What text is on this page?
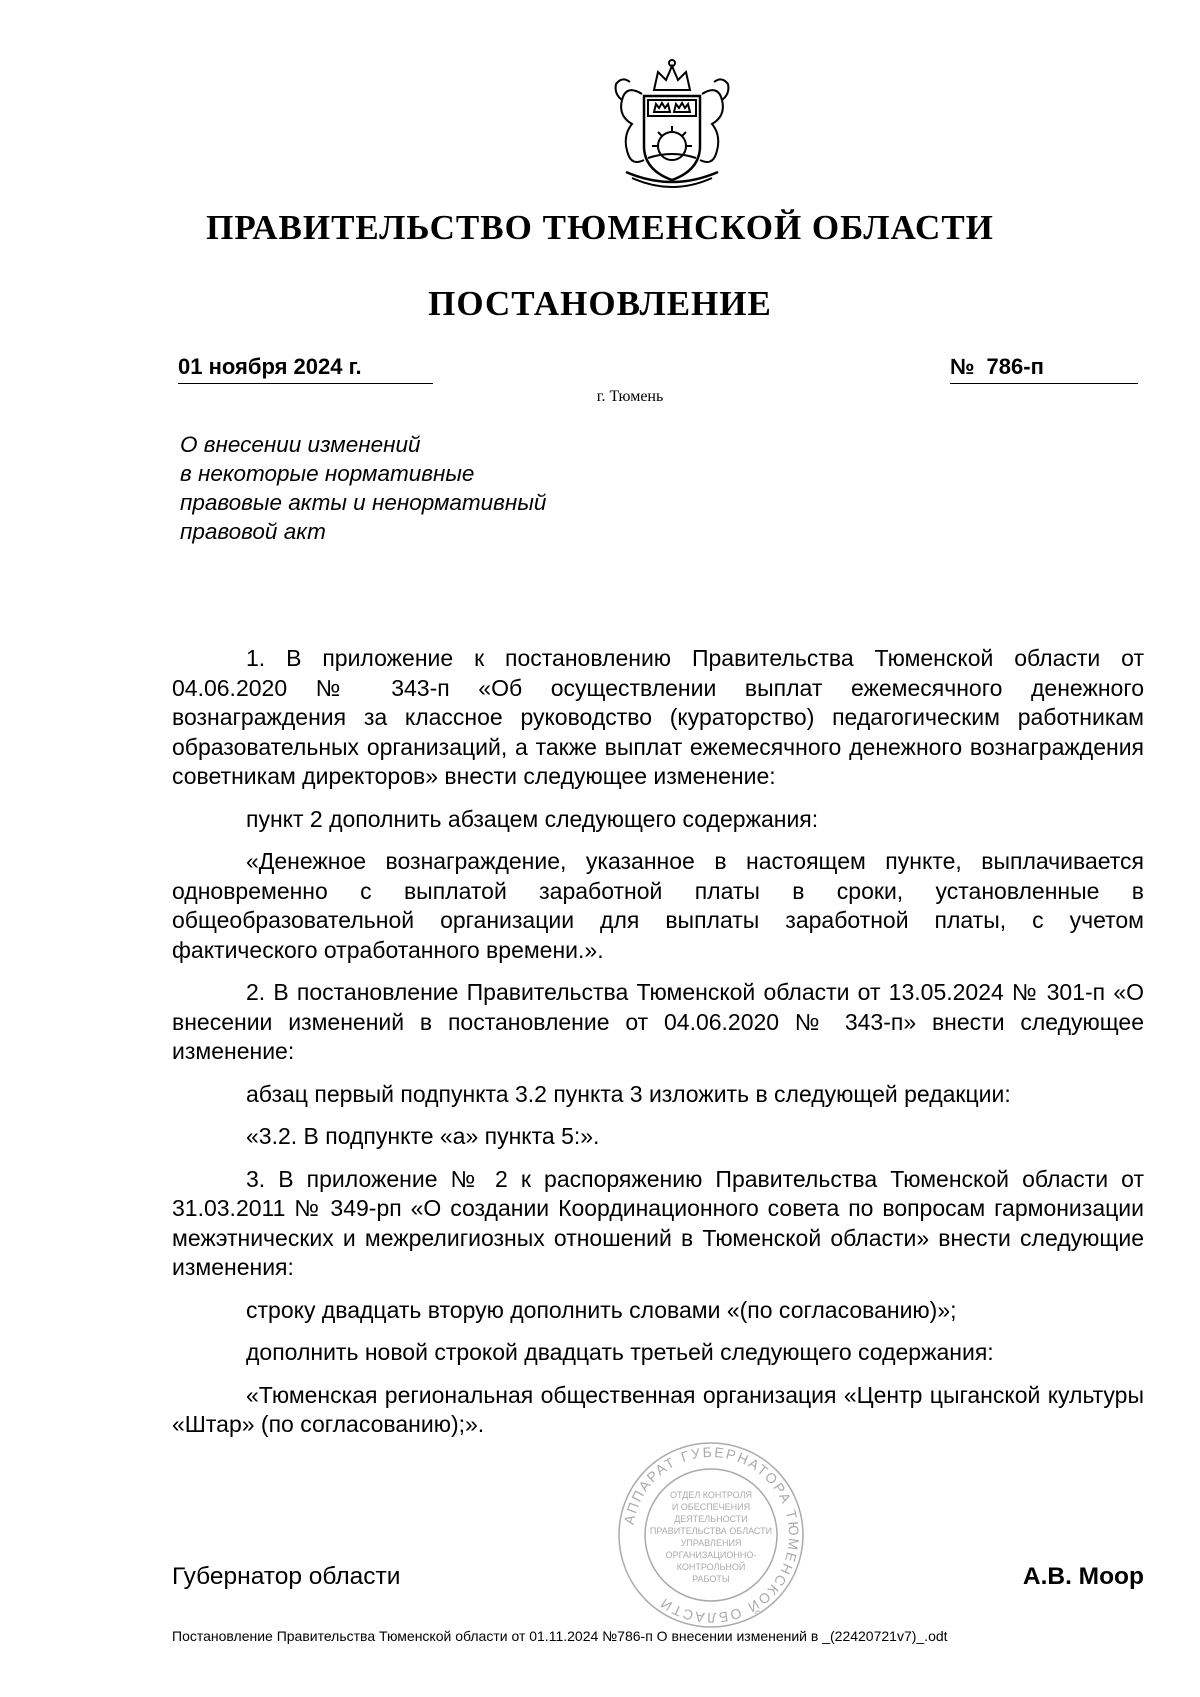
ПРАВИТЕЛЬСТВО ТЮМЕНСКОЙ ОБЛАСТИ
ПОСТАНОВЛЕНИЕ
01 ноября 2024 г.	№ 786-п
г. Тюмень
О внесении изменений
в некоторые нормативные
правовые акты и ненормативный
правовой акт

1. В приложение к постановлению Правительства Тюменской области от 04.06.2020 № 343-п «Об осуществлении выплат ежемесячного денежного вознаграждения за классное руководство (кураторство) педагогическим работникам образовательных организаций, а также выплат ежемесячного денежного вознаграждения советникам директоров» внести следующее изменение:

пункт 2 дополнить абзацем следующего содержания:

«Денежное вознаграждение, указанное в настоящем пункте, выплачивается одновременно с выплатой заработной платы в сроки, установленные в общеобразовательной организации для выплаты заработной платы, с учетом фактического отработанного времени.».

2. В постановление Правительства Тюменской области от 13.05.2024 № 301-п «О внесении изменений в постановление от 04.06.2020 № 343-п» внести следующее изменение:

абзац первый подпункта 3.2 пункта 3 изложить в следующей редакции:

«3.2. В подпункте «а» пункта 5:».

3. В приложение № 2 к распоряжению Правительства Тюменской области от 31.03.2011 № 349-рп «О создании Координационного совета по вопросам гармонизации межэтнических и межрелигиозных отношений в Тюменской области» внести следующие изменения:

строку двадцать вторую дополнить словами «(по согласованию)»;

дополнить новой строкой двадцать третьей следующего содержания:

«Тюменская региональная общественная организация «Центр цыганской культуры «Штар» (по согласованию);».

АППАРАТ ГУБЕРНАТОРА ТЮМЕНСКОЙ ОБЛАСТИ
ОТДЕЛ КОНТРОЛЯ
И ОБЕСПЕЧЕНИЯ
ДЕЯТЕЛЬНОСТИ
ПРАВИТЕЛЬСТВА ОБЛАСТИ
УПРАВЛЕНИЯ
ОРГАНИЗАЦИОННО-
КОНТРОЛЬНОЙ
РАБОТЫ
Губернатор области	А.В. Моор
Постановление Правительства Тюменской области от 01.11.2024 №786-п О внесении изменений в _(22420721v7)_.odt
